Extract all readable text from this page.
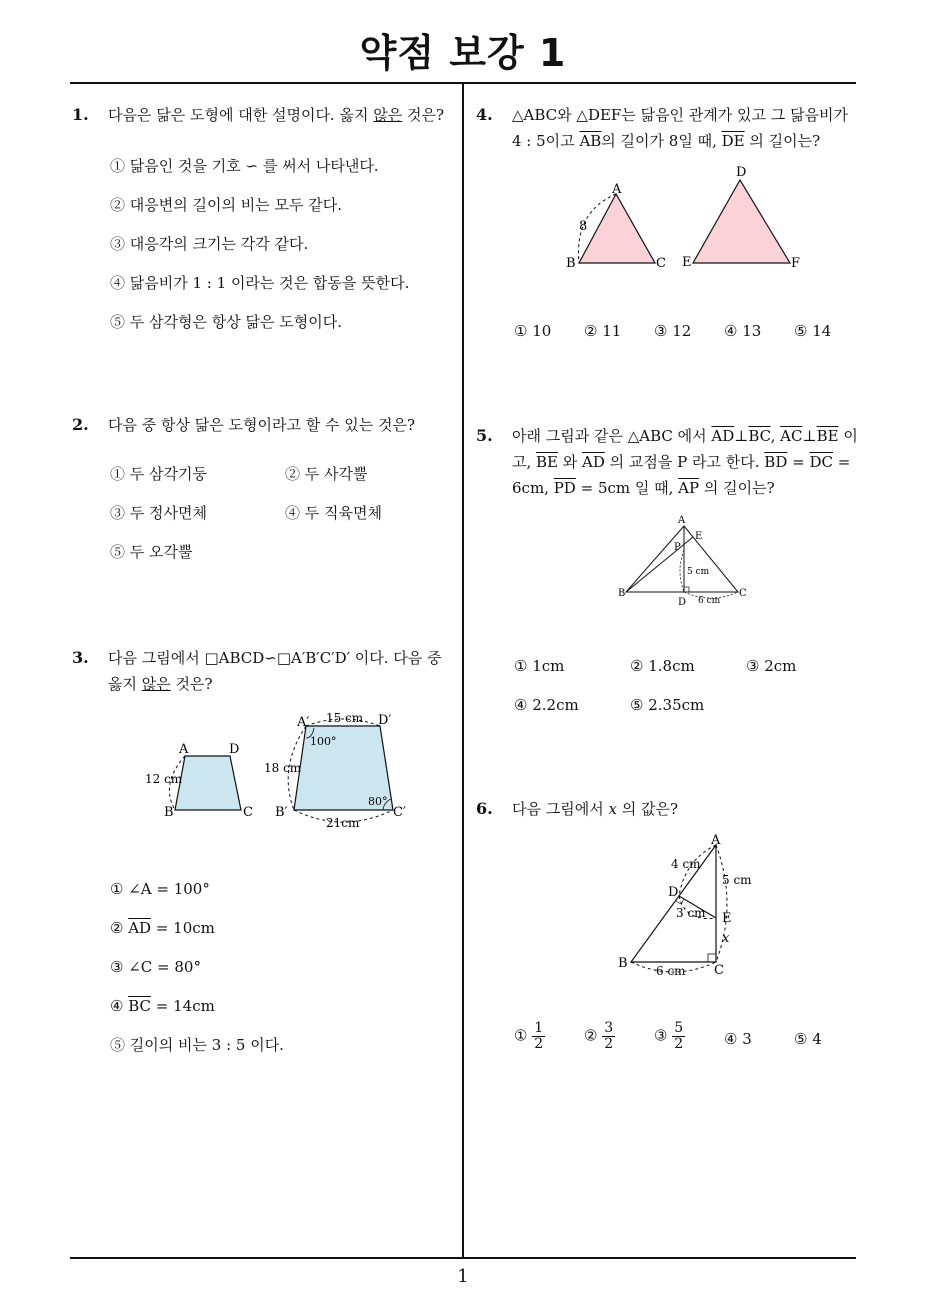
약점 보강 1
1. 다음은 닮은 도형에 대한 설명이다. 옳지 않은 것은?
① 닮음인 것을 기호 ∽ 를 써서 나타낸다.
② 대응변의 길이의 비는 모두 같다.
③ 대응각의 크기는 각각 같다.
④ 닮음비가 1 : 1 이라는 것은 합동을 뜻한다.
⑤ 두 삼각형은 항상 닮은 도형이다.
2. 다음 중 항상 닮은 도형이라고 할 수 있는 것은?
① 두 삼각기둥	② 두 사각뿔
③ 두 정사면체	④ 두 직육면체
⑤ 두 오각뿔
3. 다음 그림에서 □ABCD∽□A′B′C′D′ 이다. 다음 중
옳지 않은 것은?
A	D
B	C
12 cm
A′	D′
B′	C′
15 cm
18 cm
21cm
100°
80°
① ∠A = 100°
② $\overline{AD} = 10cm$
③ ∠C = 80°
④ $\overline{BC} = 14cm$
⑤ 길이의 비는 3 : 5 이다.
4. △ABC와 △DEF는 닮음인 관계가 있고 그 닮음비가
4 : 5이고 $\overline{AB}$의 길이가 8일 때, $\overline{DE}$ 의 길이는?
A
B	C
8
D
E	F
① 10 ② 11 ③ 12 ④ 13 ⑤ 14
5. 아래 그림과 같은 △ABC 에서 $\overline{AD}\perp\overline{BC}$, $\overline{AC}\perp\overline{BE}$ 이
고, $\overline{BE}$ 와 $\overline{AD}$ 의 교점을 P 라고 한다. $\overline{BD} = \overline{DC}$ =
6cm, $\overline{PD} = 5cm$ 일 때, $\overline{AP}$ 의 길이는?
A
E
P
B
D
C
5 cm
6 cm
① 1cm	② 1.8cm	③ 2cm
④ 2.2cm	⑤ 2.35cm
6. 다음 그림에서 x 의 값은?
A
D
E
B	C
4 cm
5 cm
3 cm
6 cm
x
① $\frac{1}{2}$	② $\frac{3}{2}$	③ $\frac{5}{2}$	④ 3	⑤ 4
1
